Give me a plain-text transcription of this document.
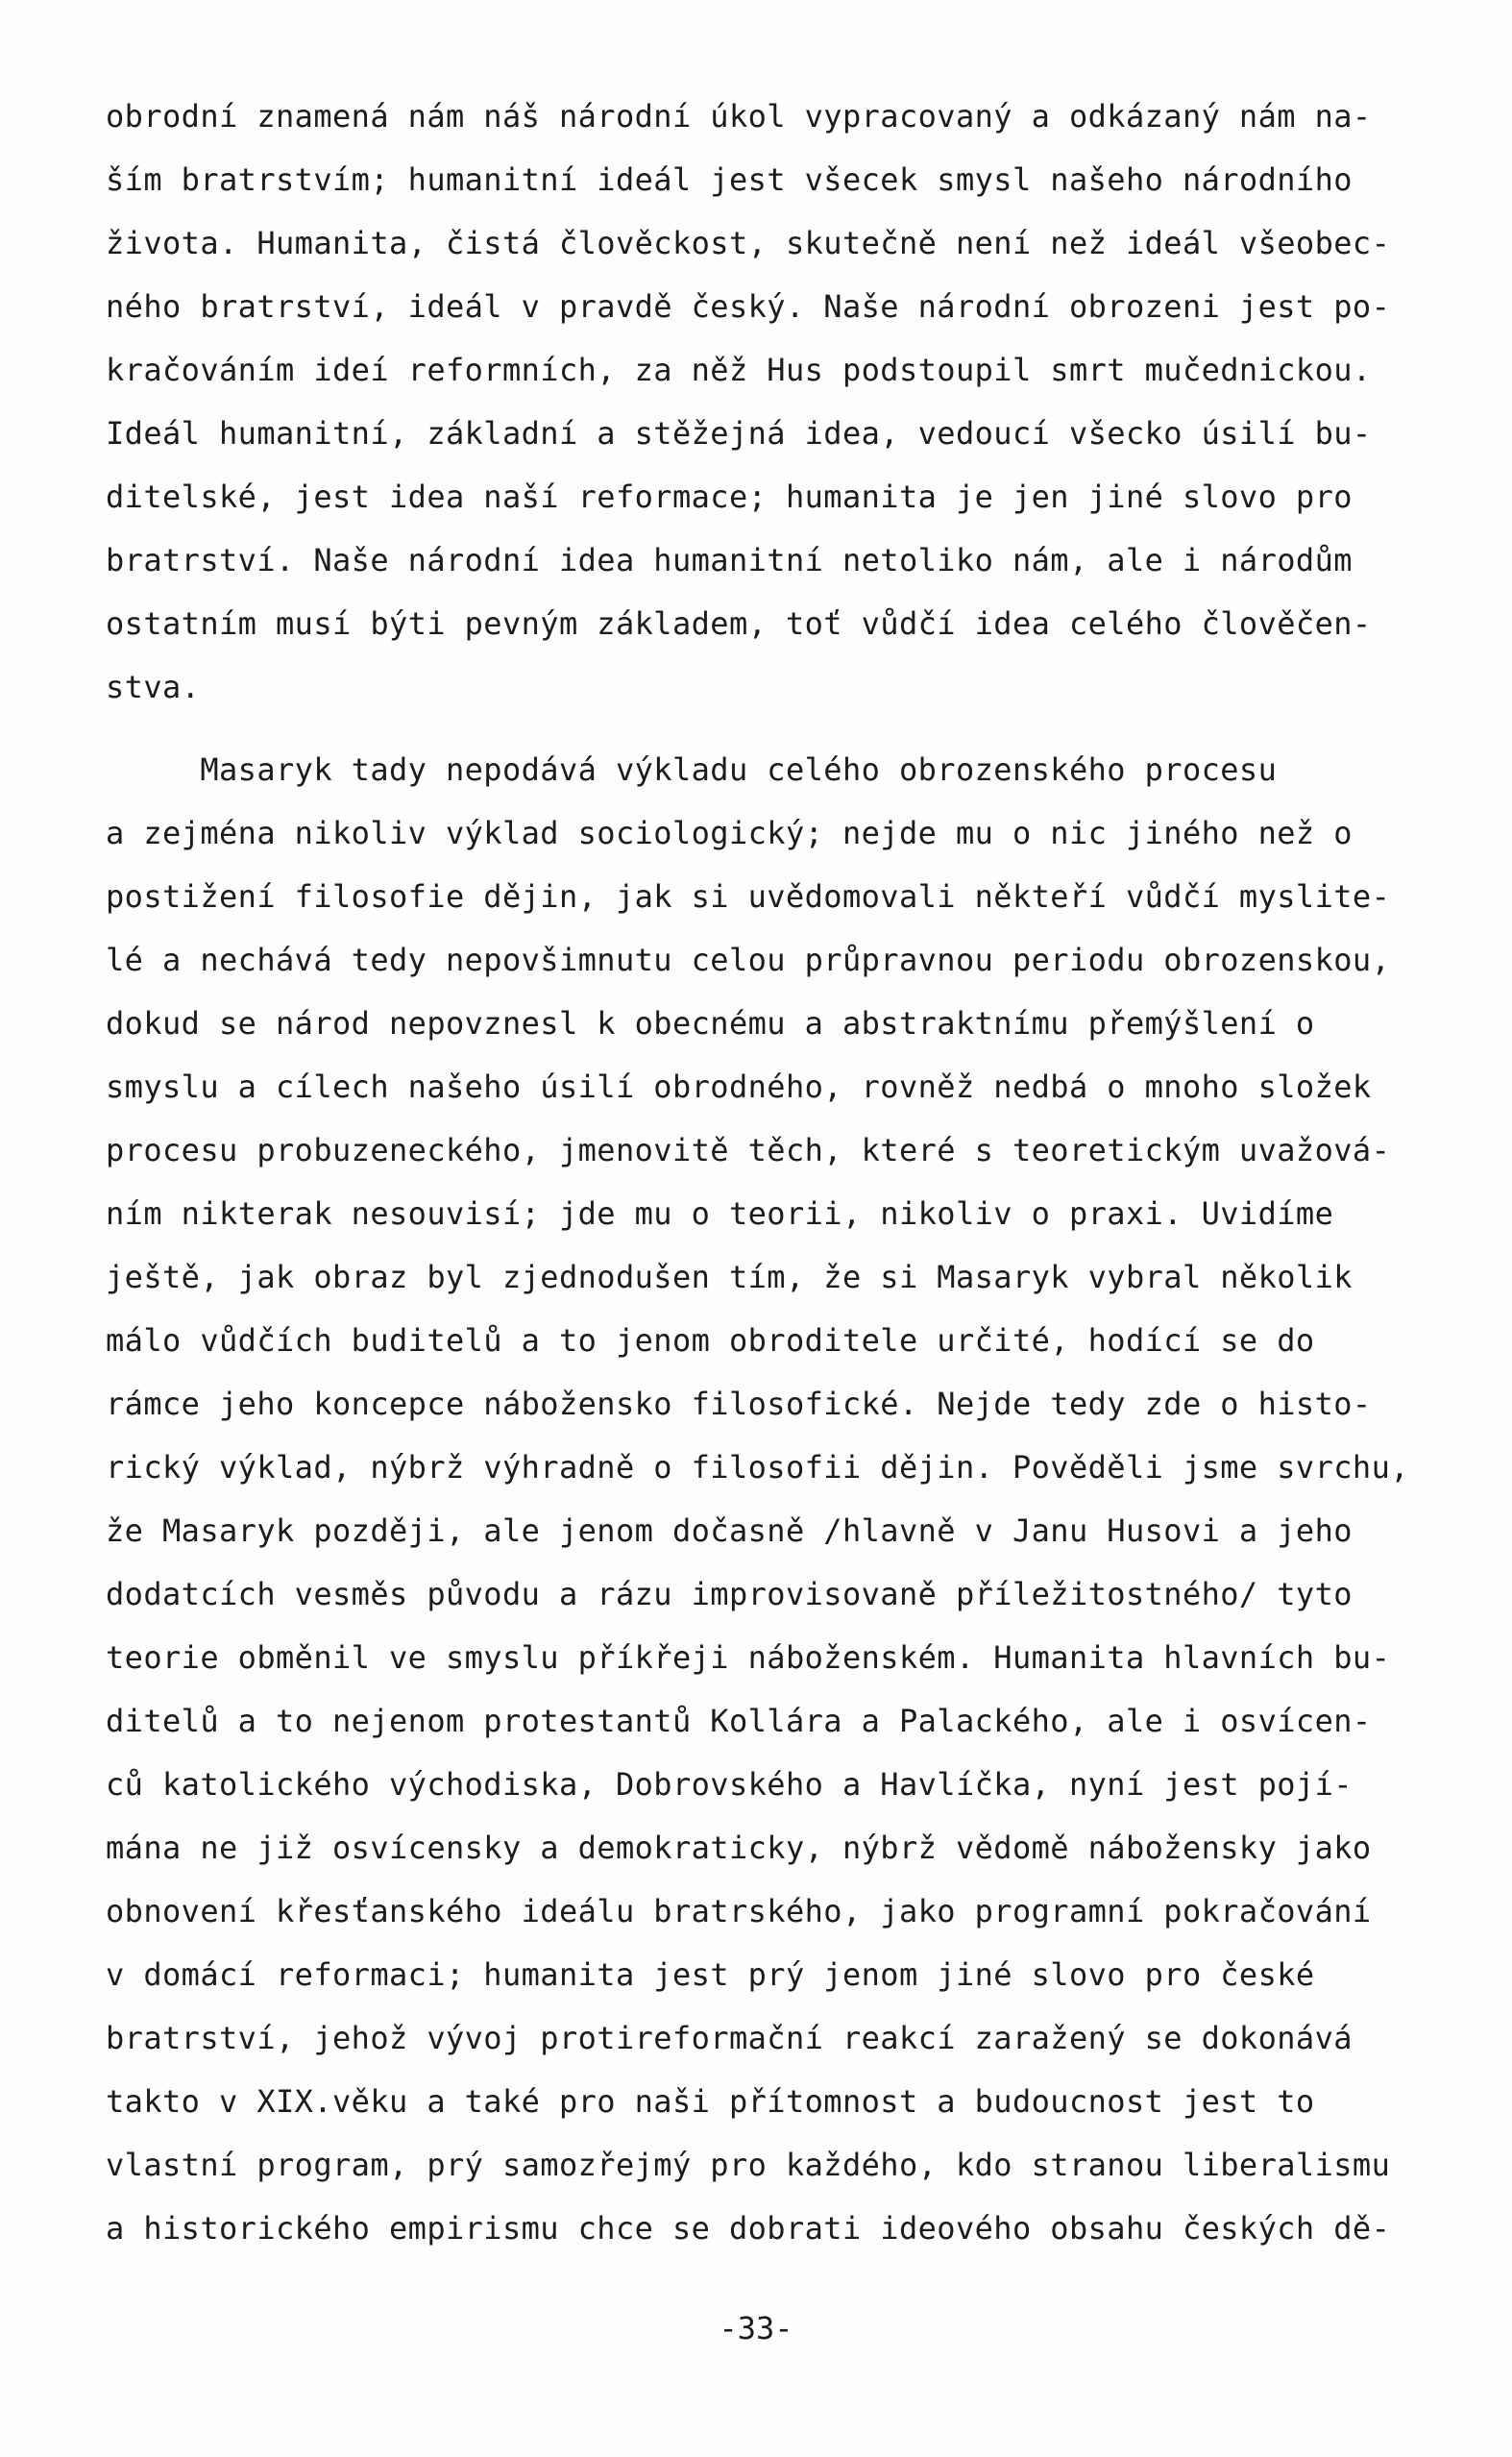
obrodní znamená nám náš národní úkol vypracovaný a odkázaný nám na-
ším bratrstvím; humanitní ideál jest všecek smysl našeho národního
života. Humanita, čistá člověckost, skutečně není než ideál všeobec-
ného bratrství, ideál v pravdě český. Naše národní obrozeni jest po-
kračováním ideí reformních, za něž Hus podstoupil smrt mučednickou.
Ideál humanitní, základní a stěžejná idea, vedoucí všecko úsilí bu-
ditelské, jest idea naší reformace; humanita je jen jiné slovo pro
bratrství. Naše národní idea humanitní netoliko nám, ale i národům
ostatním musí býti pevným základem, toť vůdčí idea celého člověčen-
stva.
Masaryk tady nepodává výkladu celého obrozenského procesu
a zejména nikoliv výklad sociologický; nejde mu o nic jiného než o
postižení filosofie dějin, jak si uvědomovali někteří vůdčí myslite-
lé a nechává tedy nepovšimnutu celou průpravnou periodu obrozenskou,
dokud se národ nepovznesl k obecnému a abstraktnímu přemýšlení o
smyslu a cílech našeho úsilí obrodného, rovněž nedbá o mnoho složek
procesu probuzeneckého, jmenovitě těch, které s teoretickým uvažová-
ním nikterak nesouvisí; jde mu o teorii, nikoliv o praxi. Uvidíme
ještě, jak obraz byl zjednodušen tím, že si Masaryk vybral několik
málo vůdčích buditelů a to jenom obroditele určité, hodící se do
rámce jeho koncepce nábožensko filosofické. Nejde tedy zde o histo-
rický výklad, nýbrž výhradně o filosofii dějin. Pověděli jsme svrchu,
že Masaryk později, ale jenom dočasně /hlavně v Janu Husovi a jeho
dodatcích vesměs původu a rázu improvisovaně příležitostného/ tyto
teorie obměnil ve smyslu příkřeji náboženském. Humanita hlavních bu-
ditelů a to nejenom protestantů Kollára a Palackého, ale i osvícen-
ců katolického východiska, Dobrovského a Havlíčka, nyní jest pojí-
mána ne již osvícensky a demokraticky, nýbrž vědomě nábožensky jako
obnovení křesťanského ideálu bratrského, jako programní pokračování
v domácí reformaci; humanita jest prý jenom jiné slovo pro české
bratrství, jehož vývoj protireformační reakcí zaražený se dokonává
takto v XIX.věku a také pro naši přítomnost a budoucnost jest to
vlastní program, prý samozřejmý pro každého, kdo stranou liberalismu
a historického empirismu chce se dobrati ideového obsahu českých dě-
-33-
